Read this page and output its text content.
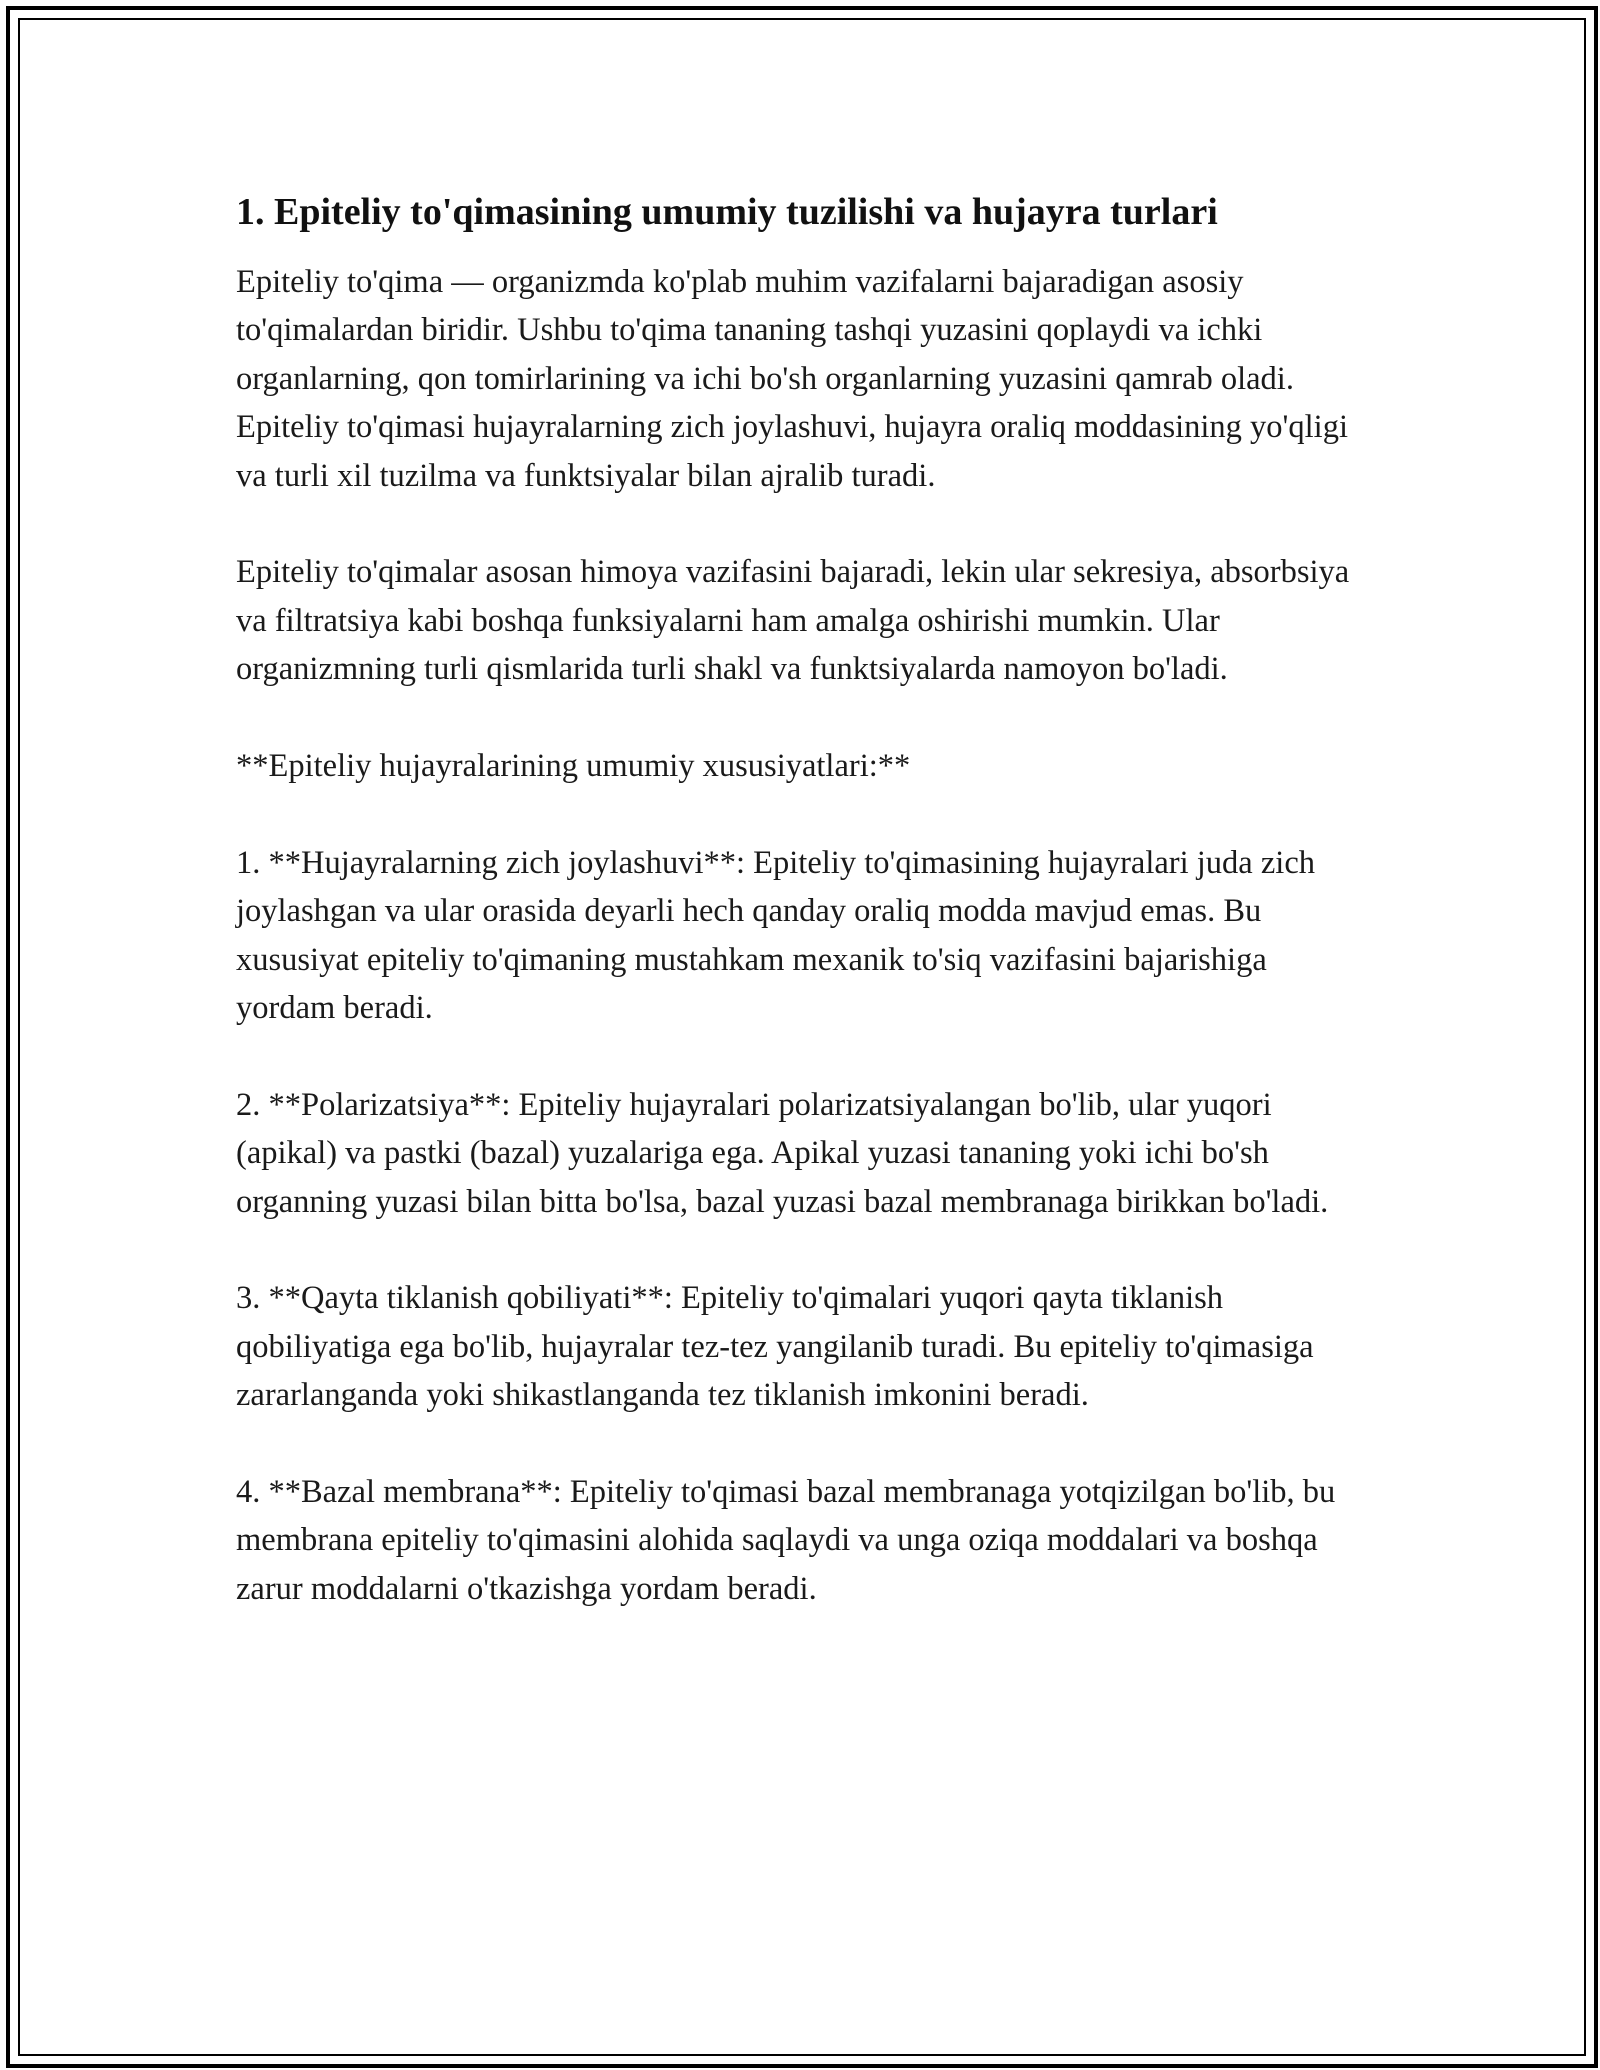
1. Epiteliy to'qimasining umumiy tuzilishi va hujayra turlari

Epiteliy to'qima — organizmda ko'plab muhim vazifalarni bajaradigan asosiy to'qimalardan biridir. Ushbu to'qima tananing tashqi yuzasini qoplaydi va ichki organlarning, qon tomirlarining va ichi bo'sh organlarning yuzasini qamrab oladi. Epiteliy to'qimasi hujayralarning zich joylashuvi, hujayra oraliq moddasining yo'qligi va turli xil tuzilma va funktsiyalar bilan ajralib turadi.

Epiteliy to'qimalar asosan himoya vazifasini bajaradi, lekin ular sekresiya, absorbsiya va filtratsiya kabi boshqa funksiyalarni ham amalga oshirishi mumkin. Ular organizmning turli qismlarida turli shakl va funktsiyalarda namoyon bo'ladi.

**Epiteliy hujayralarining umumiy xususiyatlari:**

1. **Hujayralarning zich joylashuvi**: Epiteliy to'qimasining hujayralari juda zich joylashgan va ular orasida deyarli hech qanday oraliq modda mavjud emas. Bu xususiyat epiteliy to'qimaning mustahkam mexanik to'siq vazifasini bajarishiga yordam beradi.

2. **Polarizatsiya**: Epiteliy hujayralari polarizatsiyalangan bo'lib, ular yuqori (apikal) va pastki (bazal) yuzalariga ega. Apikal yuzasi tananing yoki ichi bo'sh organning yuzasi bilan bitta bo'lsa, bazal yuzasi bazal membranaga birikkan bo'ladi.

3. **Qayta tiklanish qobiliyati**: Epiteliy to'qimalari yuqori qayta tiklanish qobiliyatiga ega bo'lib, hujayralar tez-tez yangilanib turadi. Bu epiteliy to'qimasiga zararlanganda yoki shikastlanganda tez tiklanish imkonini beradi.

4. **Bazal membrana**: Epiteliy to'qimasi bazal membranaga yotqizilgan bo'lib, bu membrana epiteliy to'qimasini alohida saqlaydi va unga oziqa moddalari va boshqa zarur moddalarni o'tkazishga yordam beradi.
